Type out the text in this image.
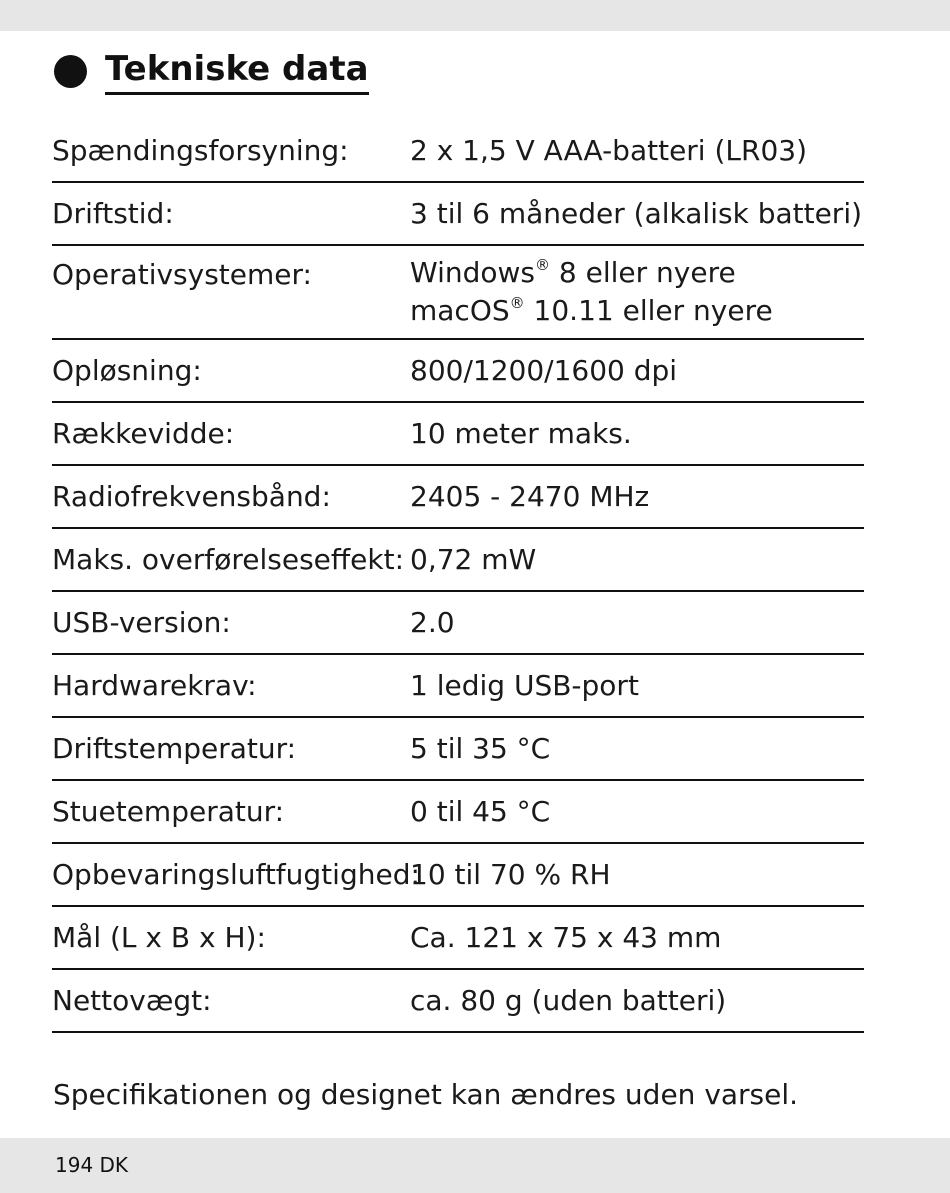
Tekniske data
Spændingsforsyning:	2 x 1,5 V AAA-batteri (LR03)
Driftstid:	3 til 6 måneder (alkalisk batteri)
Operativsystemer:	Windows® 8 eller nyere
macOS® 10.11 eller nyere
Opløsning:	800/1200/1600 dpi
Rækkevidde:	10 meter maks.
Radiofrekvensbånd:	2405 - 2470 MHz
Maks. overførelseseffekt: 0,72 mW
USB-version:	2.0
Hardwarekrav:	1 ledig USB-port
Driftstemperatur:	5 til 35 °C
Stuetemperatur:	0 til 45 °C
Opbevaringsluftfugtighed:
10 til 70 % RH
Mål (L x B x H):	Ca. 121 x 75 x 43 mm
Nettovægt:	ca. 80 g (uden batteri)
Specifikationen og designet kan ændres uden varsel.
194 DK
